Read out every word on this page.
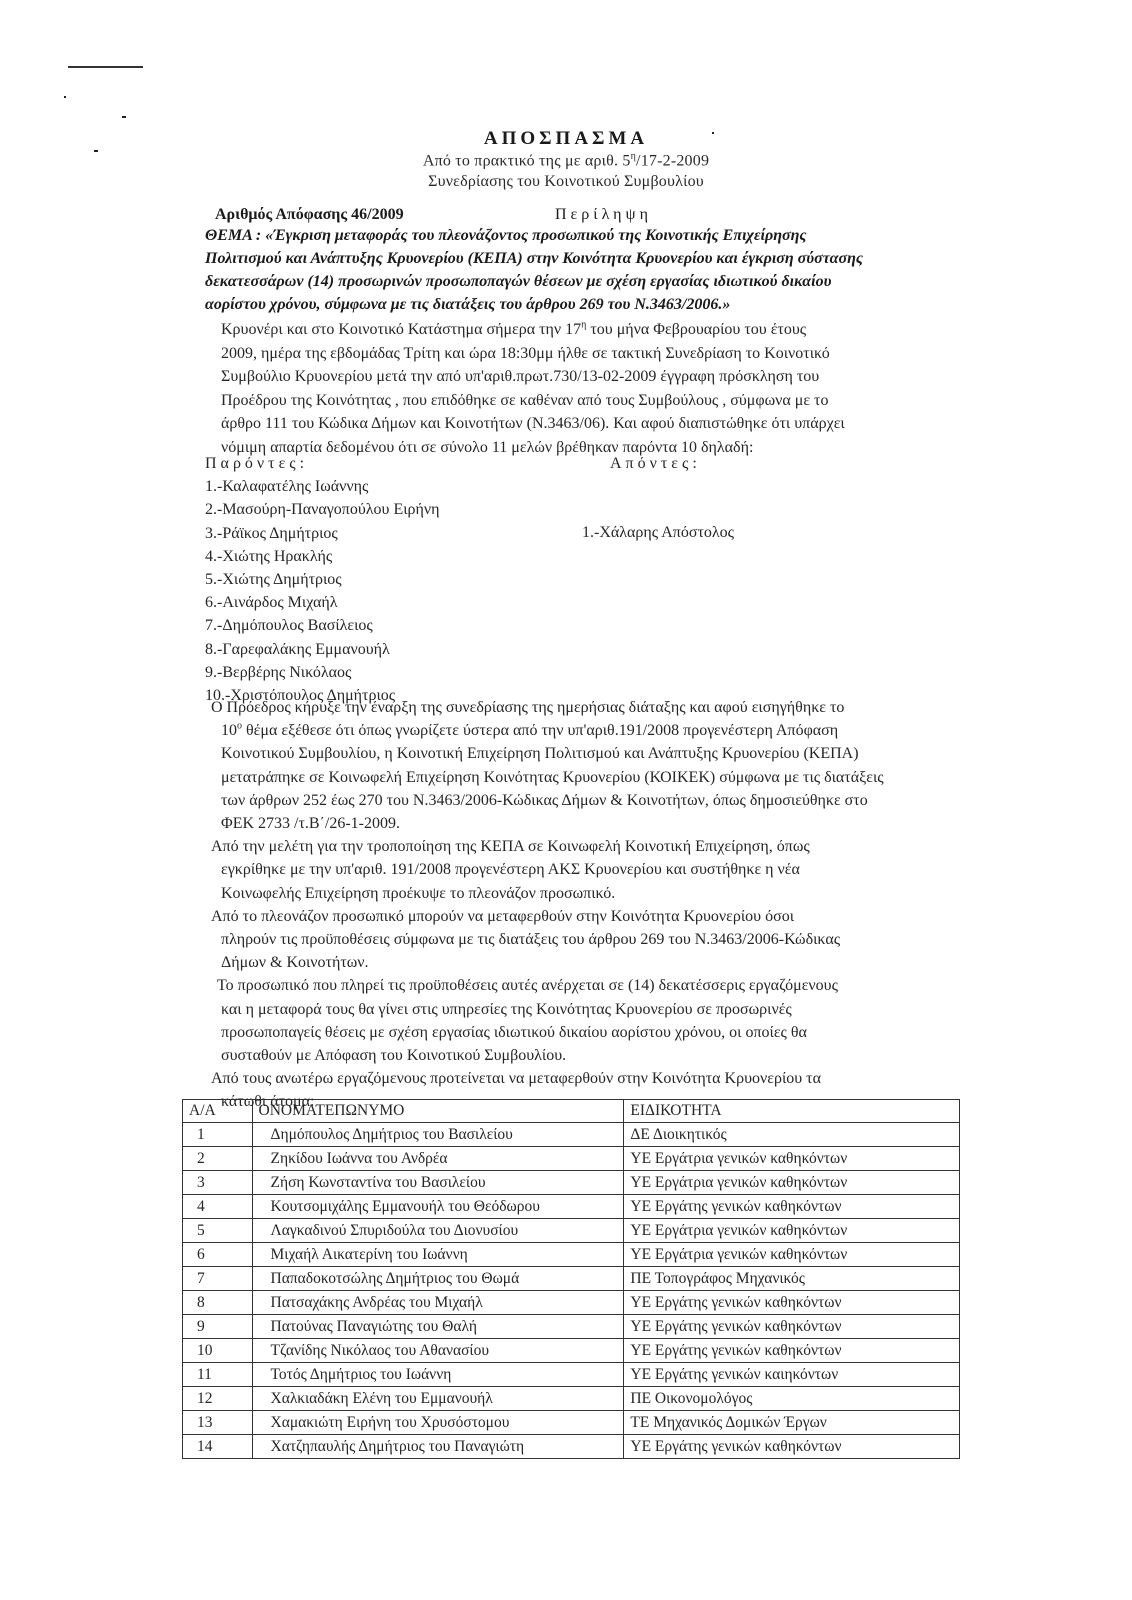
ΑΠΟΣΠΑΣΜΑ
Από το πρακτικό της με αριθ. $5^\eta/17-2-2009$
Συνεδρίασης του Κοινοτικού Συμβουλίου
Αριθμός Απόφασης 46/2009	Περίληψη
ΘΕΜΑ : «Έγκριση μεταφοράς του πλεονάζοντος προσωπικού της Κοινοτικής Επιχείρησης
Πολιτισμού και Ανάπτυξης Κρυονερίου (ΚΕΠΑ) στην Κοινότητα Κρυονερίου και έγκριση σύστασης
δεκατεσσάρων (14) προσωρινών προσωποπαγών θέσεων με σχέση εργασίας ιδιωτικού δικαίου
αορίστου χρόνου, σύμφωνα με τις διατάξεις του άρθρου 269 του Ν.3463/2006.»
Κρυονέρι και στο Κοινοτικό Κατάστημα σήμερα την $17^\eta$ του μήνα Φεβρουαρίου του έτους
2009, ημέρα της εβδομάδας Τρίτη και ώρα 18:30μμ ήλθε σε τακτική Συνεδρίαση το Κοινοτικό
Συμβούλιο Κρυονερίου μετά την από υπ'αριθ.πρωτ.730/13-02-2009 έγγραφη πρόσκληση του
Προέδρου της Κοινότητας , που επιδόθηκε σε καθέναν από τους Συμβούλους , σύμφωνα με το
άρθρο 111 του Κώδικα Δήμων και Κοινοτήτων (Ν.3463/06). Και αφού διαπιστώθηκε ότι υπάρχει
νόμιμη απαρτία δεδομένου ότι σε σύνολο 11 μελών βρέθηκαν παρόντα 10 δηλαδή:
Παρόντες:
1.-Καλαφατέλης Ιωάννης
2.-Μασούρη-Παναγοπούλου Ειρήνη
3.-Ράϊκος Δημήτριος
4.-Χιώτης Ηρακλής
5.-Χιώτης Δημήτριος
6.-Αινάρδος Μιχαήλ
7.-Δημόπουλος Βασίλειος
8.-Γαρεφαλάκης Εμμανουήλ
9.-Βερβέρης Νικόλαος
10.-Χριστόπουλος Δημήτριος
Απόντες:
1.-Χάλαρης Απόστολος
Ο Πρόεδρος κήρυξε την έναρξη της συνεδρίασης της ημερήσιας διάταξης και αφού εισηγήθηκε το
$10^o$ θέμα εξέθεσε ότι όπως γνωρίζετε ύστερα από την υπ'αριθ.191/2008 προγενέστερη Απόφαση
Κοινοτικού Συμβουλίου, η Κοινοτική Επιχείρηση Πολιτισμού και Ανάπτυξης Κρυονερίου (ΚΕΠΑ)
μετατράπηκε σε Κοινωφελή Επιχείρηση Κοινότητας Κρυονερίου (ΚΟΙΚΕΚ) σύμφωνα με τις διατάξεις
των άρθρων 252 έως 270 του Ν.3463/2006-Κώδικας Δήμων & Κοινοτήτων, όπως δημοσιεύθηκε στο
ΦΕΚ 2733 /τ.Β΄/26-1-2009.
Από την μελέτη για την τροποποίηση της ΚΕΠΑ σε Κοινωφελή Κοινοτική Επιχείρηση, όπως
εγκρίθηκε με την υπ'αριθ. 191/2008 προγενέστερη ΑΚΣ Κρυονερίου και συστήθηκε η νέα
Κοινωφελής Επιχείρηση προέκυψε το πλεονάζον προσωπικό.
Από το πλεονάζον προσωπικό μπορούν να μεταφερθούν στην Κοινότητα Κρυονερίου όσοι
πληρούν τις προϋποθέσεις σύμφωνα με τις διατάξεις του άρθρου 269 του Ν.3463/2006-Κώδικας
Δήμων & Κοινοτήτων.
Το προσωπικό που πληρεί τις προϋποθέσεις αυτές ανέρχεται σε (14) δεκατέσσερις εργαζόμενους
και η μεταφορά τους θα γίνει στις υπηρεσίες της Κοινότητας Κρυονερίου σε προσωρινές
προσωποπαγείς θέσεις με σχέση εργασίας ιδιωτικού δικαίου αορίστου χρόνου, οι οποίες θα
συσταθούν με Απόφαση του Κοινοτικού Συμβουλίου.
Από τους ανωτέρω εργαζόμενους προτείνεται να μεταφερθούν στην Κοινότητα Κρυονερίου τα
κάτωθι άτομα:
Α/Α	ΟΝΟΜΑΤΕΠΩΝΥΜΟ	ΕΙΔΙΚΟΤΗΤΑ
1	Δημόπουλος Δημήτριος του Βασιλείου	ΔΕ Διοικητικός
2	Ζηκίδου Ιωάννα του Ανδρέα	ΥΕ Εργάτρια γενικών καθηκόντων
3	Ζήση Κωνσταντίνα του Βασιλείου	ΥΕ Εργάτρια γενικών καθηκόντων
4	Κουτσομιχάλης Εμμανουήλ του Θεόδωρου	ΥΕ Εργάτης γενικών καθηκόντων
5	Λαγκαδινού Σπυριδούλα του Διονυσίου	ΥΕ Εργάτρια γενικών καθηκόντων
6	Μιχαήλ Αικατερίνη του Ιωάννη	ΥΕ Εργάτρια γενικών καθηκόντων
7	Παπαδοκοτσώλης Δημήτριος του Θωμά	ΠΕ Τοπογράφος Μηχανικός
8	Πατσαχάκης Ανδρέας του Μιχαήλ	ΥΕ Εργάτης γενικών καθηκόντων
9	Πατούνας Παναγιώτης του Θαλή	ΥΕ Εργάτης γενικών καθηκόντων
10	Τζανίδης Νικόλαος του Αθανασίου	ΥΕ Εργάτης γενικών καθηκόντων
11	Τοτός Δημήτριος του Ιωάννη	ΥΕ Εργάτης γενικών καιηκόντων
12	Χαλκιαδάκη Ελένη του Εμμανουήλ	ΠΕ Οικονομολόγος
13	Χαμακιώτη Ειρήνη του Χρυσόστομου	ΤΕ Μηχανικός Δομικών Έργων
14	Χατζηπαυλής Δημήτριος του Παναγιώτη	ΥΕ Εργάτης γενικών καθηκόντων
